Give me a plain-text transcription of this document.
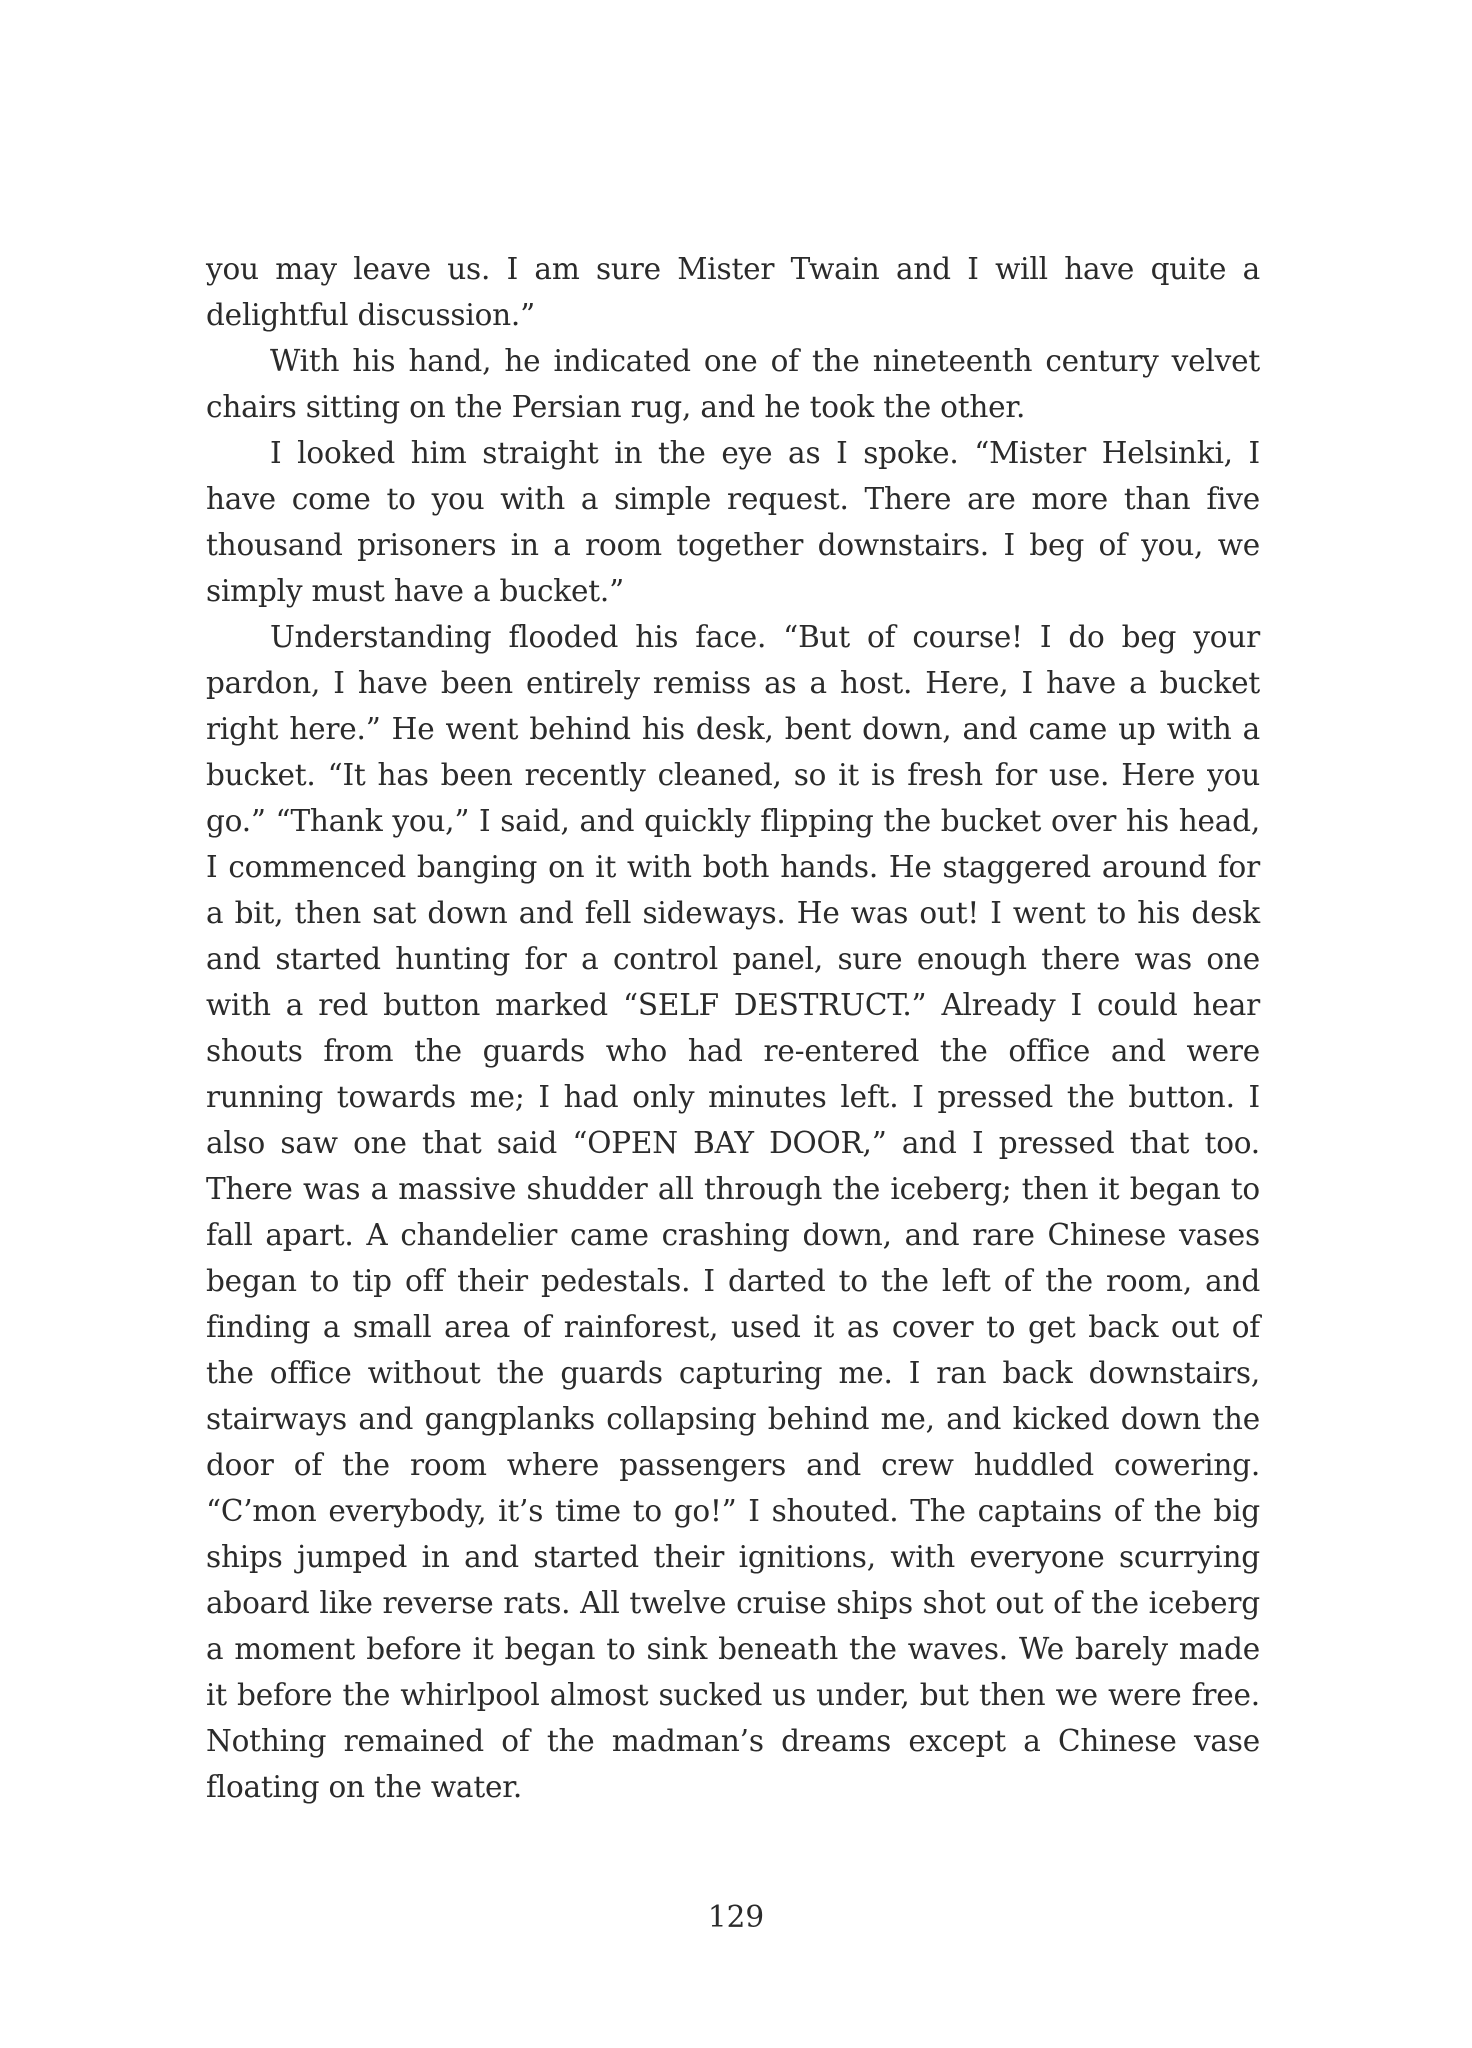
you may leave us. I am sure Mister Twain and I will have quite a delightful discussion.”

With his hand, he indicated one of the nineteenth century velvet chairs sitting on the Persian rug, and he took the other.

I looked him straight in the eye as I spoke. “Mister Helsinki, I have come to you with a simple request. There are more than five thousand prisoners in a room together downstairs. I beg of you, we simply must have a bucket.”

Understanding flooded his face. “But of course! I do beg your pardon, I have been entirely remiss as a host. Here, I have a bucket right here.” He went behind his desk, bent down, and came up with a bucket. “It has been recently cleaned, so it is fresh for use. Here you go.” “Thank you,” I said, and quickly flipping the bucket over his head, I commenced banging on it with both hands. He staggered around for a bit, then sat down and fell sideways. He was out! I went to his desk and started hunting for a control panel, sure enough there was one with a red button marked “SELF DESTRUCT.” Already I could hear shouts from the guards who had re-entered the office and were running towards me; I had only minutes left. I pressed the button. I also saw one that said “OPEN BAY DOOR,” and I pressed that too. There was a massive shudder all through the iceberg; then it began to fall apart. A chandelier came crashing down, and rare Chinese vases began to tip off their pedestals. I darted to the left of the room, and finding a small area of rainforest, used it as cover to get back out of the office without the guards capturing me. I ran back downstairs, stairways and gangplanks collapsing behind me, and kicked down the door of the room where passengers and crew huddled cowering. “C’mon everybody, it’s time to go!” I shouted. The captains of the big ships jumped in and started their ignitions, with everyone scurrying aboard like reverse rats. All twelve cruise ships shot out of the iceberg a moment before it began to sink beneath the waves. We barely made it before the whirlpool almost sucked us under, but then we were free. Nothing remained of the madman’s dreams except a Chinese vase floating on the water.

129
